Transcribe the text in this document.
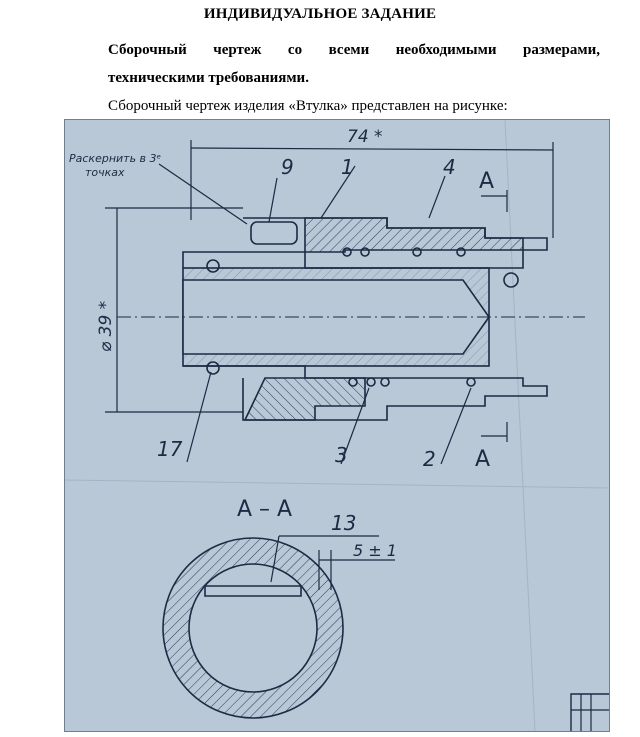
ИНДИВИДУАЛЬНОЕ ЗАДАНИЕ
Сборочный чертеж со всеми необходимыми размерами,
техническими требованиями.
Сборочный чертеж изделия «Втулка» представлен на рисунке:
74 *
⌀ 39 *
Раскернить в 3ᵉ
точках	A
A
A – A
5 ± 1
1
2
3
4
9
13
17
